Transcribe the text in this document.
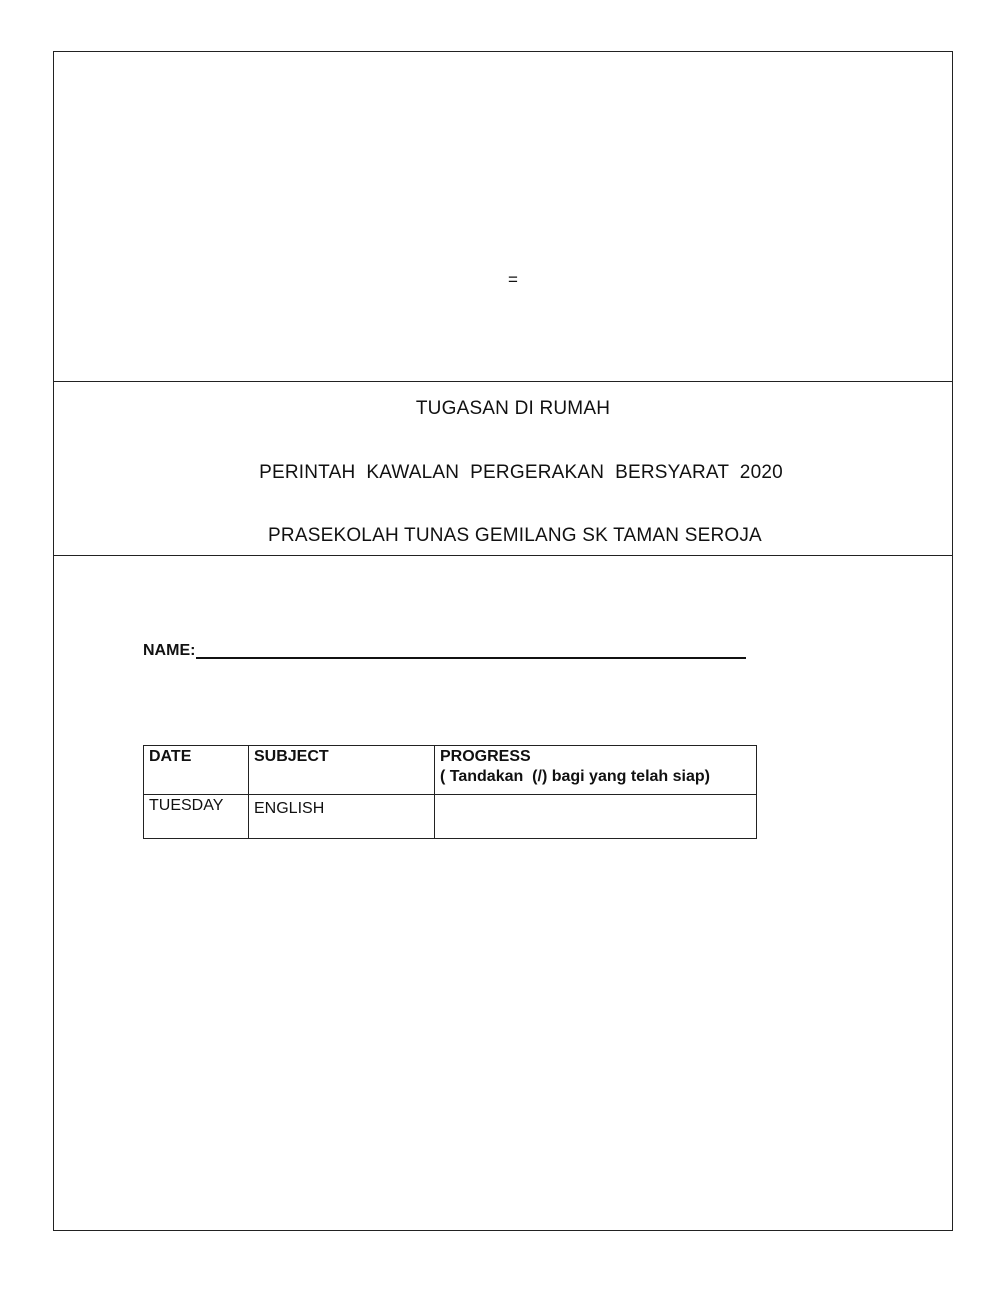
=
TUGASAN DI RUMAH
PERINTAH  KAWALAN  PERGERAKAN  BERSYARAT  2020
PRASEKOLAH TUNAS GEMILANG SK TAMAN SEROJA
NAME:
DATE	SUBJECT	PROGRESS
( Tandakan  (/) bagi yang telah siap)

TUESDAY	ENGLISH	
